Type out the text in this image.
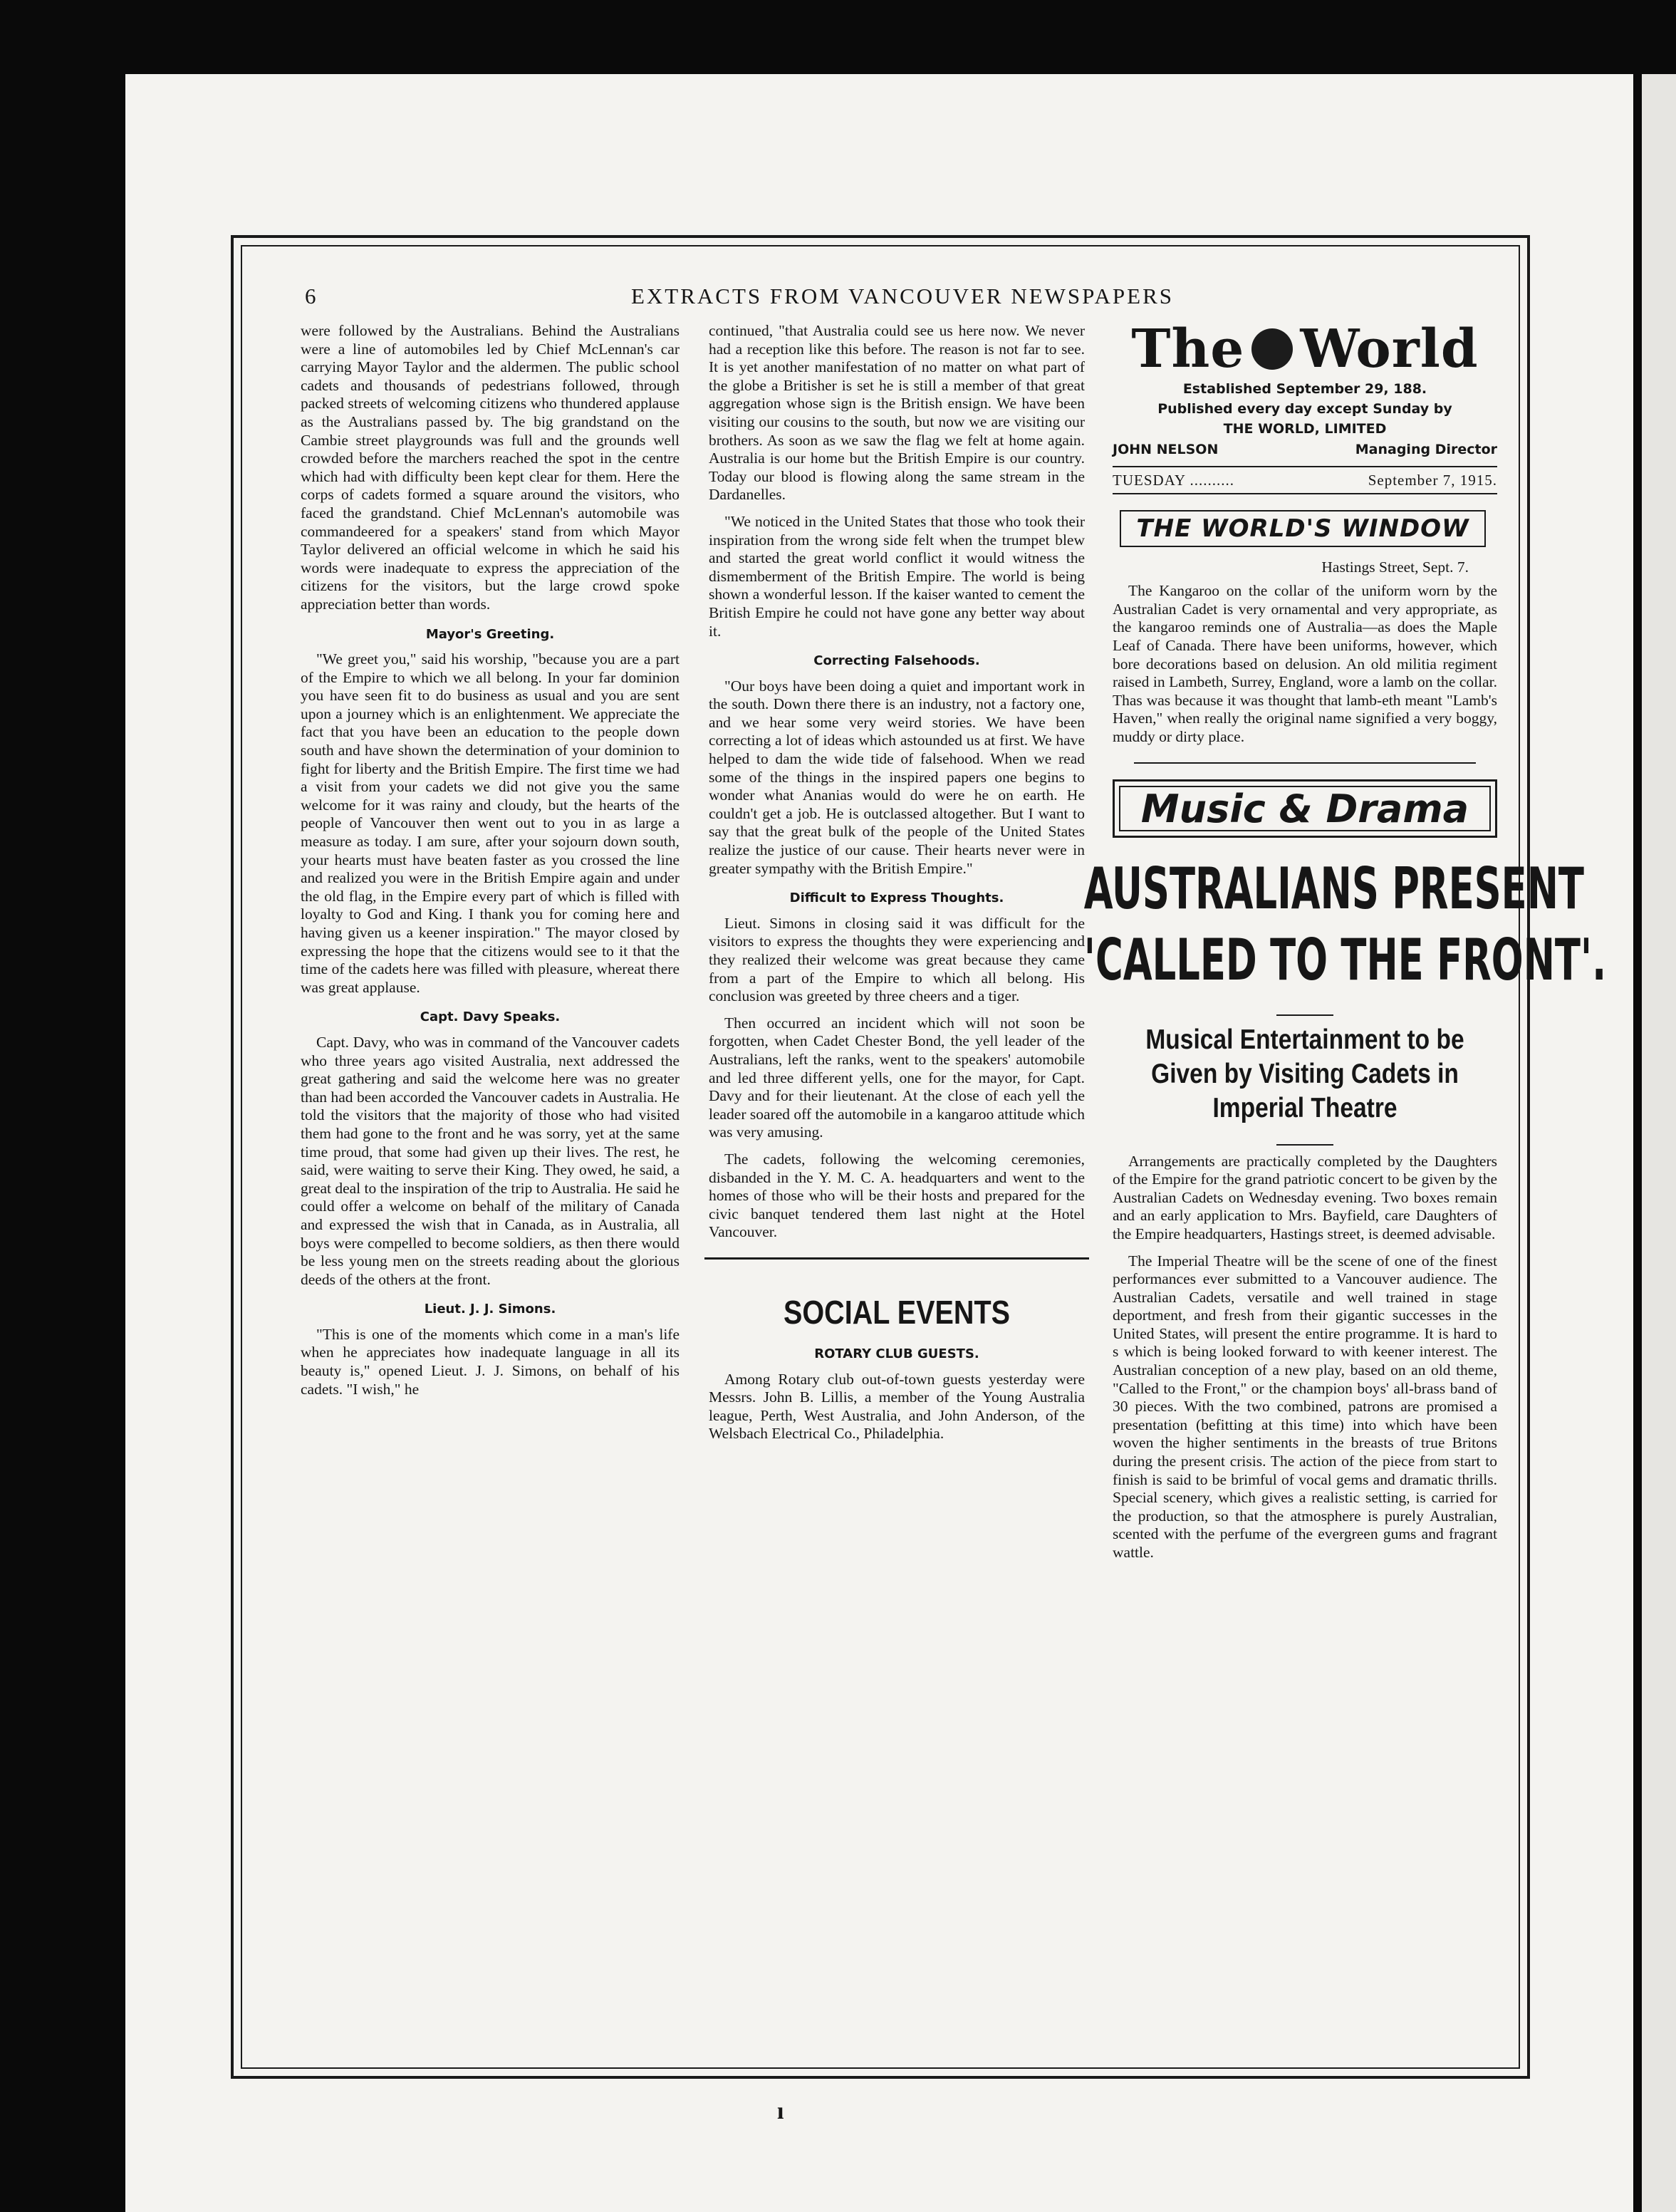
6	EXTRACTS FROM VANCOUVER NEWSPAPERS

were followed by the Australians. Behind the Australians were a line of automobiles led by Chief McLennan's car carrying Mayor Taylor and the aldermen. The public school cadets and thousands of pedestrians followed, through packed streets of welcoming citizens who thundered applause as the Australians passed by. The big grandstand on the Cambie street playgrounds was full and the grounds well crowded before the marchers reached the spot in the centre which had with difficulty been kept clear for them. Here the corps of cadets formed a square around the visitors, who faced the grandstand. Chief McLennan's automobile was commandeered for a speakers' stand from which Mayor Taylor delivered an official welcome in which he said his words were inadequate to express the appreciation of the citizens for the visitors, but the large crowd spoke appreciation better than words.

Mayor's Greeting.

"We greet you," said his worship, "because you are a part of the Empire to which we all belong. In your far dominion you have seen fit to do business as usual and you are sent upon a journey which is an enlightenment. We appreciate the fact that you have been an education to the people down south and have shown the determination of your dominion to fight for liberty and the British Empire. The first time we had a visit from your cadets we did not give you the same welcome for it was rainy and cloudy, but the hearts of the people of Vancouver then went out to you in as large a measure as today. I am sure, after your sojourn down south, your hearts must have beaten faster as you crossed the line and realized you were in the British Empire again and under the old flag, in the Empire every part of which is filled with loyalty to God and King. I thank you for coming here and having given us a keener inspiration." The mayor closed by expressing the hope that the citizens would see to it that the time of the cadets here was filled with pleasure, whereat there was great applause.

Capt. Davy Speaks.

Capt. Davy, who was in command of the Vancouver cadets who three years ago visited Australia, next addressed the great gathering and said the welcome here was no greater than had been accorded the Vancouver cadets in Australia. He told the visitors that the majority of those who had visited them had gone to the front and he was sorry, yet at the same time proud, that some had given up their lives. The rest, he said, were waiting to serve their King. They owed, he said, a great deal to the inspiration of the trip to Australia. He said he could offer a welcome on behalf of the military of Canada and expressed the wish that in Canada, as in Australia, all boys were compelled to become soldiers, as then there would be less young men on the streets reading about the glorious deeds of the others at the front.

Lieut. J. J. Simons.

"This is one of the moments which come in a man's life when he appreciates how inadequate language in all its beauty is," opened Lieut. J. J. Simons, on behalf of his cadets. "I wish," he

continued, "that Australia could see us here now. We never had a reception like this before. The reason is not far to see. It is yet another manifestation of no matter on what part of the globe a Britisher is set he is still a member of that great aggregation whose sign is the British ensign. We have been visiting our cousins to the south, but now we are visiting our brothers. As soon as we saw the flag we felt at home again. Australia is our home but the British Empire is our country. Today our blood is flowing along the same stream in the Dardanelles.

"We noticed in the United States that those who took their inspiration from the wrong side felt when the trumpet blew and started the great world conflict it would witness the dismemberment of the British Empire. The world is being shown a wonderful lesson. If the kaiser wanted to cement the British Empire he could not have gone any better way about it.

Correcting Falsehoods.

"Our boys have been doing a quiet and important work in the south. Down there there is an industry, not a factory one, and we hear some very weird stories. We have been correcting a lot of ideas which astounded us at first. We have helped to dam the wide tide of falsehood. When we read some of the things in the inspired papers one begins to wonder what Ananias would do were he on earth. He couldn't get a job. He is outclassed altogether. But I want to say that the great bulk of the people of the United States realize the justice of our cause. Their hearts never were in greater sympathy with the British Empire."

Difficult to Express Thoughts.

Lieut. Simons in closing said it was difficult for the visitors to express the thoughts they were experiencing and they realized their welcome was great because they came from a part of the Empire to which all belong. His conclusion was greeted by three cheers and a tiger.

Then occurred an incident which will not soon be forgotten, when Cadet Chester Bond, the yell leader of the Australians, left the ranks, went to the speakers' automobile and led three different yells, one for the mayor, for Capt. Davy and for their lieutenant. At the close of each yell the leader soared off the automobile in a kangaroo attitude which was very amusing.

The cadets, following the welcoming ceremonies, disbanded in the Y. M. C. A. headquarters and went to the homes of those who will be their hosts and prepared for the civic banquet tendered them last night at the Hotel Vancouver.

SOCIAL EVENTS
ROTARY CLUB GUESTS.

Among Rotary club out-of-town guests yesterday were Messrs. John B. Lillis, a member of the Young Australia league, Perth, West Australia, and John Anderson, of the Welsbach Electrical Co., Philadelphia.

The World
Established September 29, 188.
Published every day except Sunday by
THE WORLD, LIMITED
JOHN NELSON	Managing Director
TUESDAY ..........	September 7, 1915.
THE WORLD'S WINDOW
Hastings Street, Sept. 7.

The Kangaroo on the collar of the uniform worn by the Australian Cadet is very ornamental and very appropriate, as the kangaroo reminds one of Australia—as does the Maple Leaf of Canada. There have been uniforms, however, which bore decorations based on delusion. An old militia regiment raised in Lambeth, Surrey, England, wore a lamb on the collar. Thas was because it was thought that lamb-eth meant "Lamb's Haven," when really the original name signified a very boggy, muddy or dirty place.

Music & Drama
AUSTRALIANS PRESENT
'CALLED TO THE FRONT'.
Musical Entertainment to be Given by Visiting Cadets in Imperial Theatre

Arrangements are practically completed by the Daughters of the Empire for the grand patriotic concert to be given by the Australian Cadets on Wednesday evening. Two boxes remain and an early application to Mrs. Bayfield, care Daughters of the Empire headquarters, Hastings street, is deemed advisable.

The Imperial Theatre will be the scene of one of the finest performances ever submitted to a Vancouver audience. The Australian Cadets, versatile and well trained in stage deportment, and fresh from their gigantic successes in the United States, will present the entire programme. It is hard to s which is being looked forward to with keener interest. The Australian conception of a new play, based on an old theme, "Called to the Front," or the champion boys' all-brass band of 30 pieces. With the two combined, patrons are promised a presentation (befitting at this time) into which have been woven the higher sentiments in the breasts of true Britons during the present crisis. The action of the piece from start to finish is said to be brimful of vocal gems and dramatic thrills. Special scenery, which gives a realistic setting, is carried for the production, so that the atmosphere is purely Australian, scented with the perfume of the evergreen gums and fragrant wattle.

ı
